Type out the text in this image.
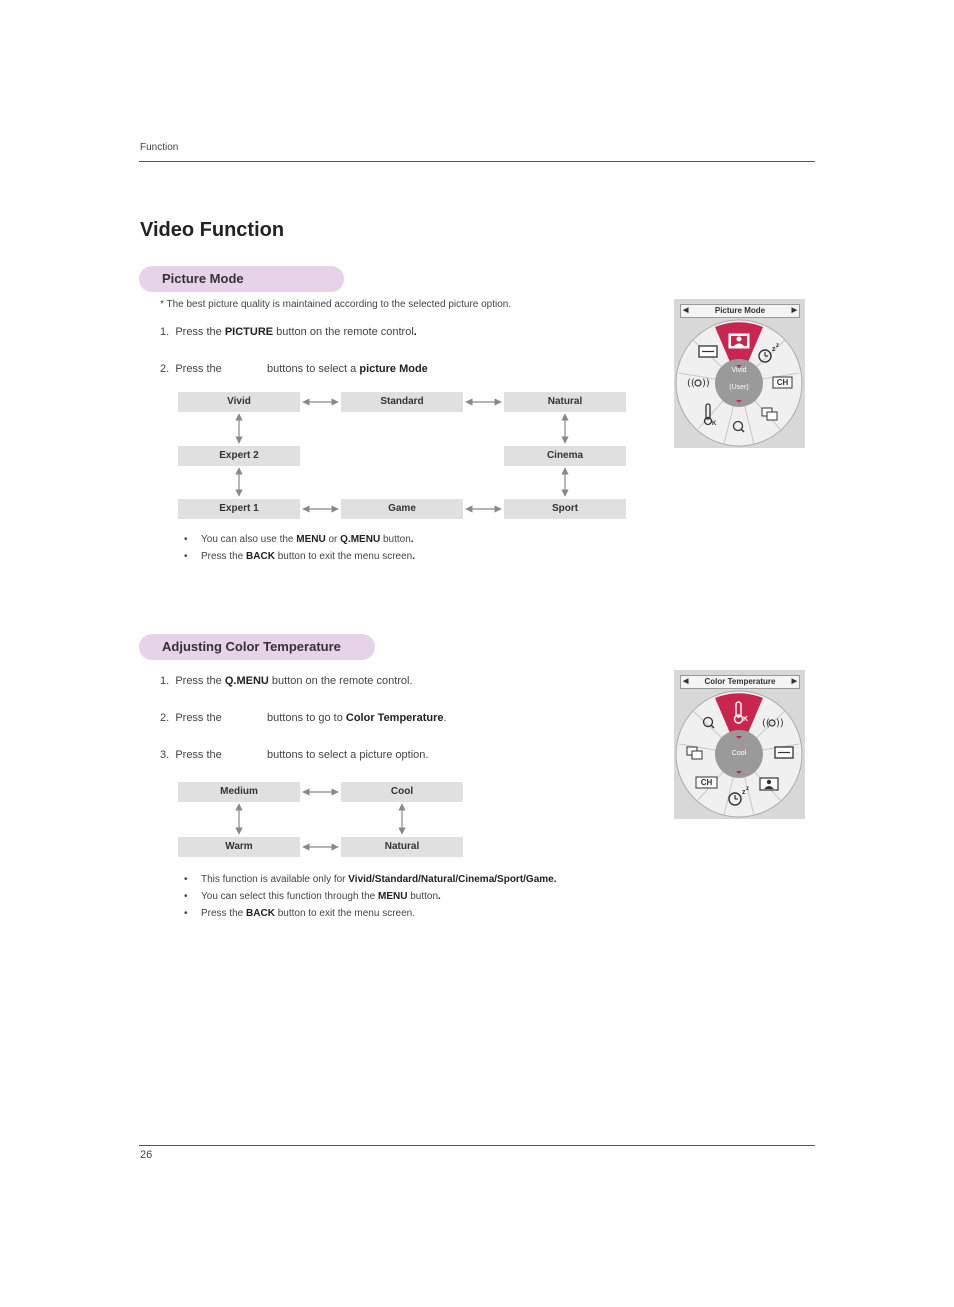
Function
Video Function
Picture Mode
* The best picture quality is maintained according to the selected picture option.
1. Press the PICTURE button on the remote control.
2. Press the	buttons to select a picture Mode
Vivid	Standard	Natural
Expert 2	Cinema
Expert 1	Game	Sport
• You can also use the MENU or Q.MENU button.
• Press the BACK button to exit the menu screen.
◀	Picture Mode	▶
z z
(( ))
K
CH
Vivid
(User)
Adjusting Color Temperature
1. Press the Q.MENU button on the remote control.
2. Press the	buttons to go to Color Temperature.
3. Press the	buttons to select a picture option.
Medium	Cool
Warm	Natural
• This function is available only for Vivid/Standard/Natural/Cinema/Sport/Game.
• You can select this function through the MENU button.
• Press the BACK button to exit the menu screen.
◀ Color Temperature ▶
K (( ))
z z
CH
Cool
26
